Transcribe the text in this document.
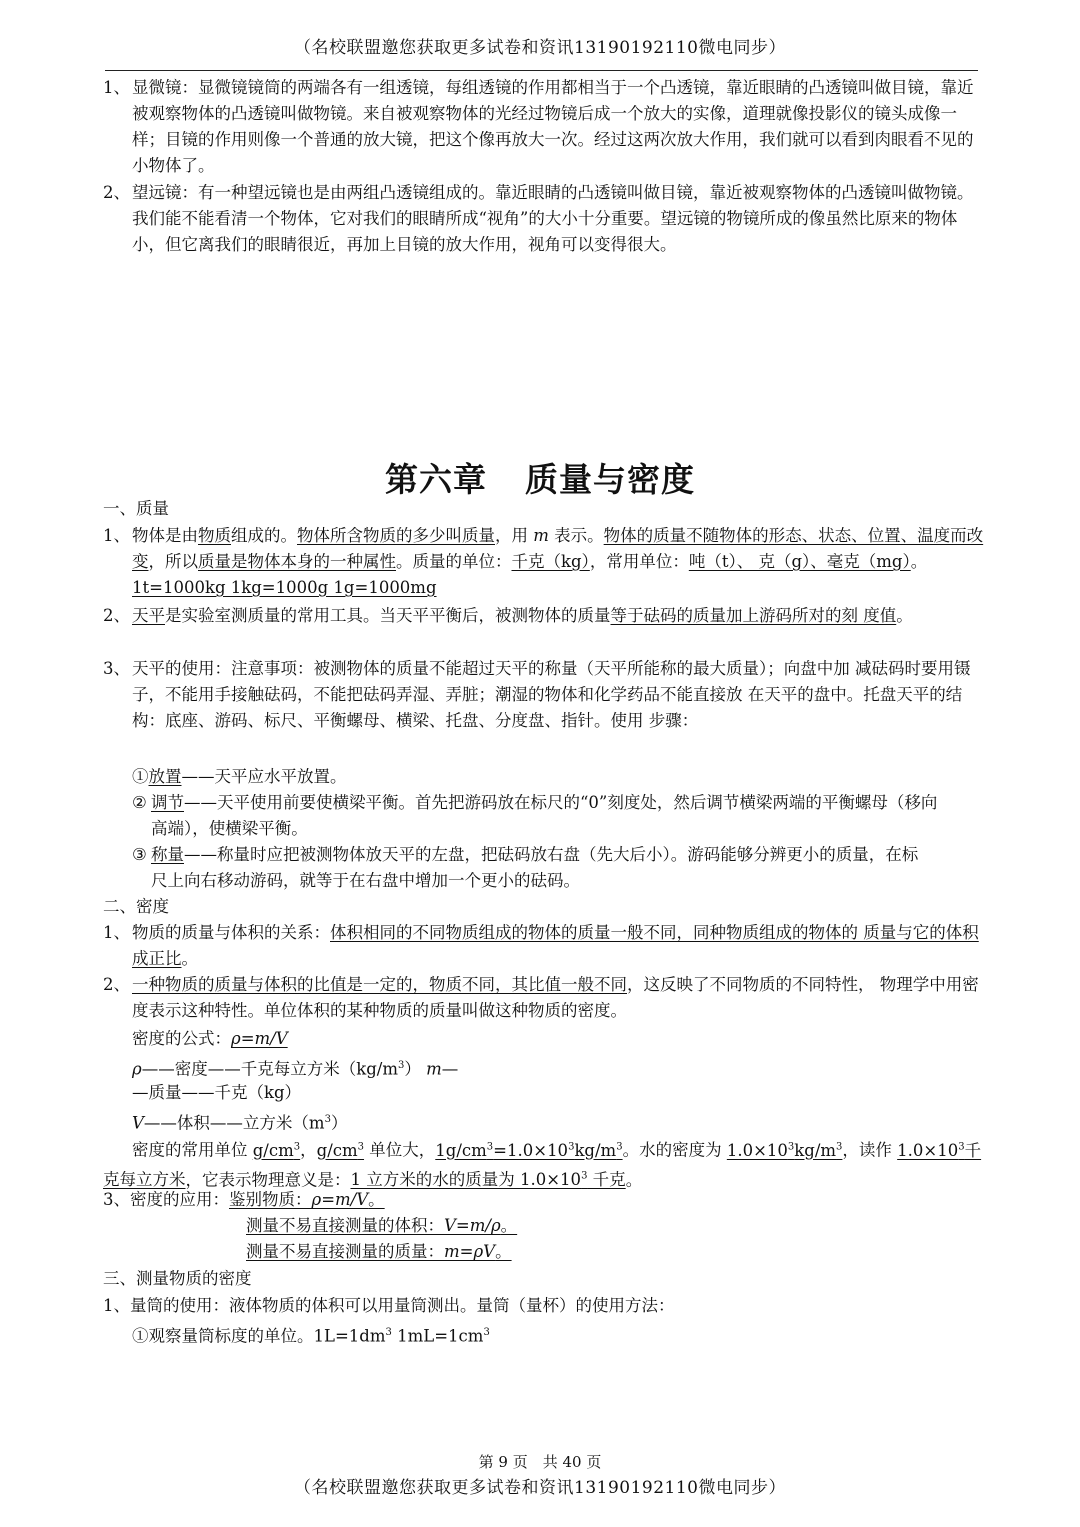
（名校联盟邀您获取更多试卷和资讯13190192110微电同步）
1、 显微镜：显微镜镜筒的两端各有一组透镜，每组透镜的作用都相当于一个凸透镜，靠近眼睛的凸透镜叫做目镜，靠近被观察物体的凸透镜叫做物镜。来自被观察物体的光经过物镜后成一个放大的实像，道理就像投影仪的镜头成像一样；目镜的作用则像一个普通的放大镜，把这个像再放大一次。经过这两次放大作用，我们就可以看到肉眼看不见的小物体了。
2、 望远镜：有一种望远镜也是由两组凸透镜组成的。靠近眼睛的凸透镜叫做目镜，靠近被观察物体的凸透镜叫做物镜。我们能不能看清一个物体，它对我们的眼睛所成“视角”的大小十分重要。望远镜的物镜所成的像虽然比原来的物体小，但它离我们的眼睛很近，再加上目镜的放大作用，视角可以变得很大。
第六章 质量与密度
一、质量
1、 物体是由物质组成的。物体所含物质的多少叫质量，用 m 表示。物体的质量不随物体的形态、状态、位置、温度而改变，所以质量是物体本身的一种属性。质量的单位：千克（kg），常用单位：吨（t）、 克（g）、毫克（mg）。1t=1000kg 1kg=1000g 1g=1000mg
2、 天平是实验室测质量的常用工具。当天平平衡后，被测物体的质量等于砝码的质量加上游码所对的刻 度值。
3、 天平的使用：注意事项：被测物体的质量不能超过天平的称量（天平所能称的最大质量）；向盘中加 减砝码时要用镊子，不能用手接触砝码，不能把砝码弄湿、弄脏；潮湿的物体和化学药品不能直接放 在天平的盘中。托盘天平的结构：底座、游码、标尺、平衡螺母、横梁、托盘、分度盘、指针。使用 步骤：
①放置——天平应水平放置。
② 调节——天平使用前要使横梁平衡。首先把游码放在标尺的“0”刻度处，然后调节横梁两端的平衡螺母（移向高端），使横梁平衡。
③ 称量——称量时应把被测物体放天平的左盘，把砝码放右盘（先大后小）。游码能够分辨更小的质量，在标尺上向右移动游码，就等于在右盘中增加一个更小的砝码。
二、密度
1、 物质的质量与体积的关系：体积相同的不同物质组成的物体的质量一般不同，同种物质组成的物体的 质量与它的体积成正比。
2、 一种物质的质量与体积的比值是一定的，物质不同，其比值一般不同，这反映了不同物质的不同特性， 物理学中用密度表示这种特性。单位体积的某种物质的质量叫做这种物质的密度。
密度的公式：ρ=m/V
ρ——密度——千克每立方米$(kg/m^3)$ m—
—质量——千克（kg）
V——体积——立方米$(m^3)$
密度的常用单位 $g/cm^3$，$g/cm^3$ 单位大，$1g/cm^3=1.0\times 10^3kg/m^3$。水的密度为 $1.0\times 10^3kg/m^3$，读作 $1.0\times 10^3$千克每立方米，它表示物理意义是：1 立方米的水的质量为 $1.0\times 10^3$ 千克。
3、密度的应用：鉴别物质：ρ=m/V。
测量不易直接测量的体积：V=m/ρ。
测量不易直接测量的质量：m=ρV。
三、测量物质的密度
1、量筒的使用：液体物质的体积可以用量筒测出。量筒（量杯）的使用方法：
①观察量筒标度的单位。$1L=1dm^3$ $1mL=1cm^3$
第 9 页　共 40 页
（名校联盟邀您获取更多试卷和资讯13190192110微电同步）
